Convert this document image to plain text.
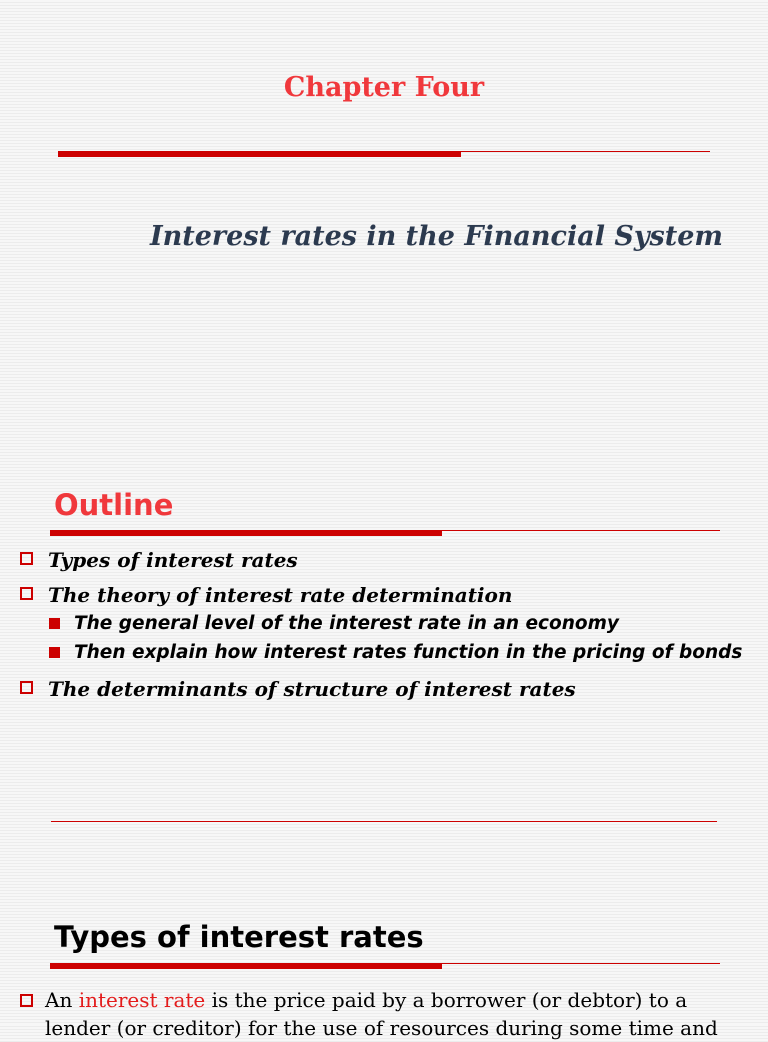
Chapter Four
Interest rates in the Financial System
Outline
Types of interest rates
The theory of interest rate determination
The general level of the interest rate in an economy
Then explain how interest rates function in the pricing of bonds
The determinants of structure of interest rates
Types of interest rates
An interest rate is the price paid by a borrower (or debtor) to a
lender (or creditor) for the use of resources during some time and
